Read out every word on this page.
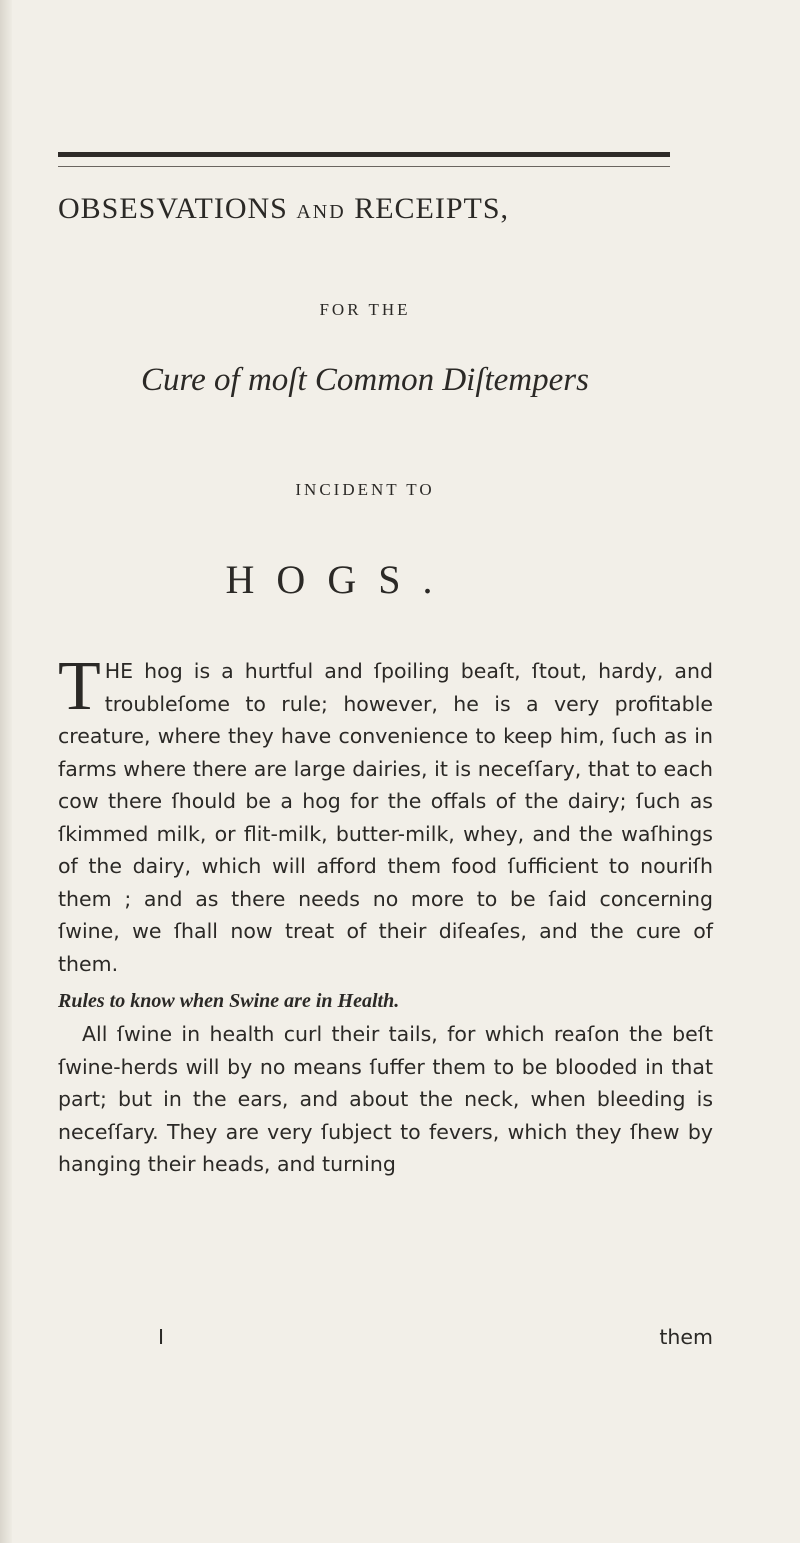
OBSESVATIONS AND RECEIPTS,
FOR THE
Cure of moſt Common Diſtempers
INCIDENT TO
HOGS.

THE hog is a hurtful and ſpoiling beaſt, ſtout, hardy, and troubleſome to rule; however, he is a very profitable creature, where they have convenience to keep him, ſuch as in farms where there are large dairies, it is neceſſary, that to each cow there ſhould be a hog for the offals of the dairy; ſuch as ſkimmed milk, or flit-milk, butter-milk, whey, and the waſhings of the dairy, which will afford them food ſufficient to nouriſh them ; and as there needs no more to be ſaid concerning ſwine, we ſhall now treat of their diſeaſes, and the cure of them.

Rules to know when Swine are in Health.

All ſwine in health curl their tails, for which reaſon the beſt ſwine-herds will by no means ſuffer them to be blooded in that part; but in the ears, and about the neck, when bleeding is neceſſary. They are very ſubject to fevers, which they ſhew by hanging their heads, and turning

I	them
